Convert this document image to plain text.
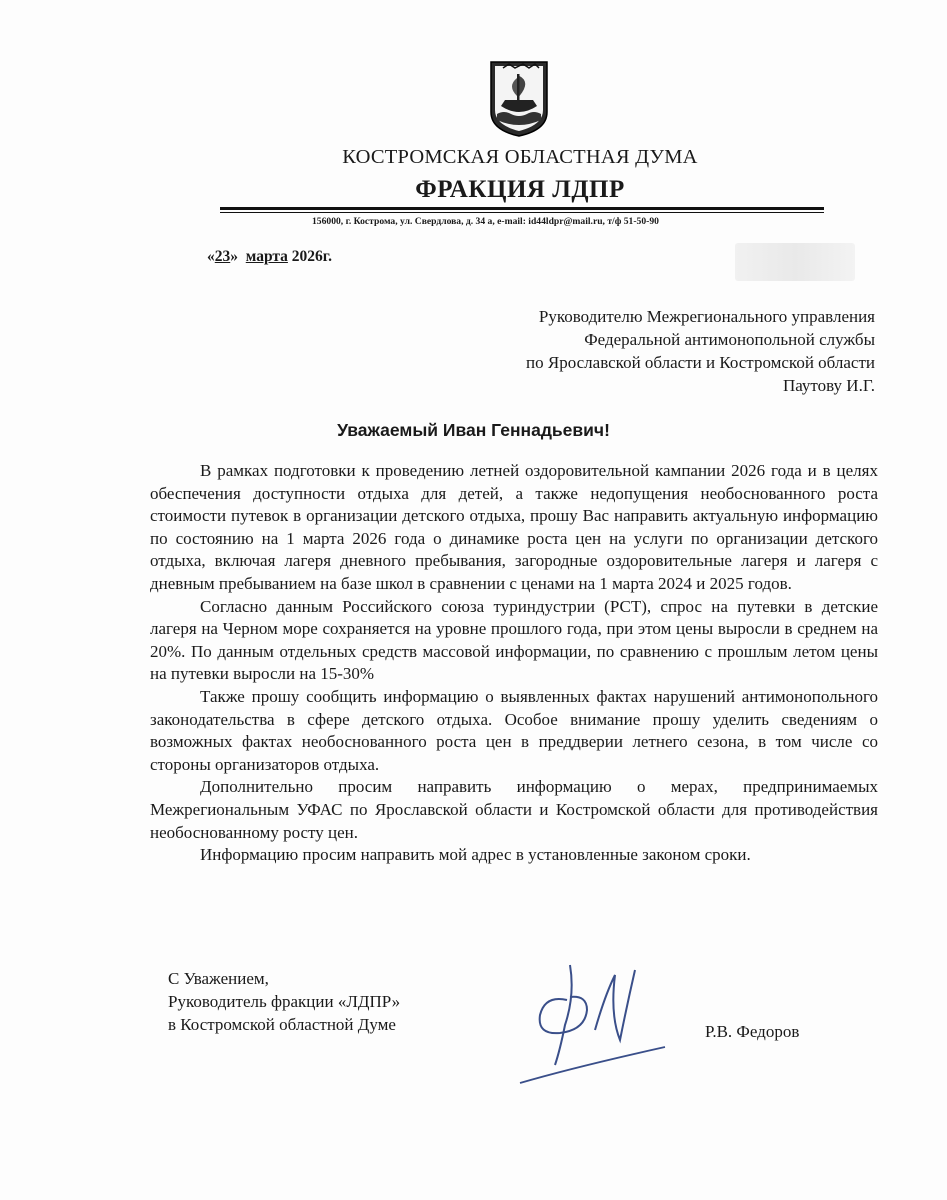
КОСТРОМСКАЯ ОБЛАСТНАЯ ДУМА
ФРАКЦИЯ ЛДПР
156000, г. Кострома, ул. Свердлова, д. 34 а, e-mail: id44ldpr@mail.ru, т/ф 51-50-90
«23» марта 2026г.
Руководителю Межрегионального управления
Федеральной антимонопольной службы
по Ярославской области и Костромской области
Паутову И.Г.
Уважаемый Иван Геннадьевич!

В рамках подготовки к проведению летней оздоровительной кампании 2026 года и в целях обеспечения доступности отдыха для детей, а также недопущения необоснованного роста стоимости путевок в организации детского отдыха, прошу Вас направить актуальную информацию по состоянию на 1 марта 2026 года о динамике роста цен на услуги по организации детского отдыха, включая лагеря дневного пребывания, загородные оздоровительные лагеря и лагеря с дневным пребыванием на базе школ в сравнении с ценами на 1 марта 2024 и 2025 годов.

Согласно данным Российского союза туриндустрии (РСТ), спрос на путевки в детские лагеря на Черном море сохраняется на уровне прошлого года, при этом цены выросли в среднем на 20%. По данным отдельных средств массовой информации, по сравнению с прошлым летом цены на путевки выросли на 15-30%

Также прошу сообщить информацию о выявленных фактах нарушений антимонопольного законодательства в сфере детского отдыха. Особое внимание прошу уделить сведениям о возможных фактах необоснованного роста цен в преддверии летнего сезона, в том числе со стороны организаторов отдыха.

Дополнительно просим направить информацию о мерах, предпринимаемых Межрегиональным УФАС по Ярославской области и Костромской области для противодействия необоснованному росту цен.

Информацию просим направить мой адрес в установленные законом сроки.

С Уважением,
Руководитель фракции «ЛДПР»
в Костромской областной Думе	Р.В. Федоров
